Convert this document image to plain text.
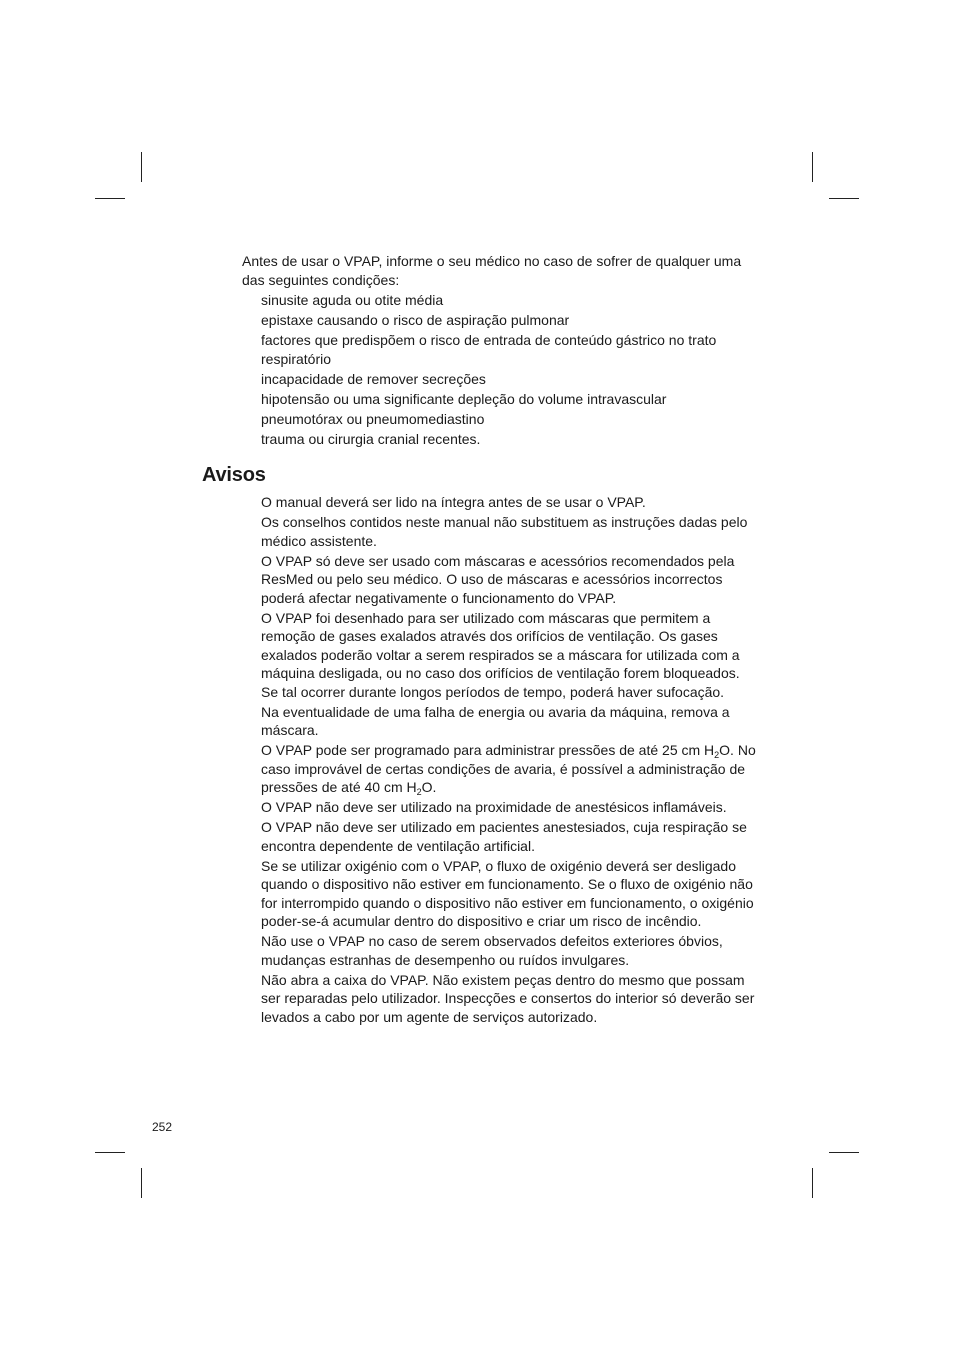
Antes de usar o VPAP, informe o seu médico no caso de sofrer de qualquer uma das seguintes condições:

sinusite aguda ou otite média
epistaxe causando o risco de aspiração pulmonar
factores que predispõem o risco de entrada de conteúdo gástrico no trato respiratório
incapacidade de remover secreções
hipotensão ou uma significante depleção do volume intravascular
pneumotórax ou pneumomediastino
trauma ou cirurgia cranial recentes.
Avisos
O manual deverá ser lido na íntegra antes de se usar o VPAP.
Os conselhos contidos neste manual não substituem as instruções dadas pelo médico assistente.
O VPAP só deve ser usado com máscaras e acessórios recomendados pela ResMed ou pelo seu médico. O uso de máscaras e acessórios incorrectos poderá afectar negativamente o funcionamento do VPAP.
O VPAP foi desenhado para ser utilizado com máscaras que permitem a remoção de gases exalados através dos orifícios de ventilação. Os gases exalados poderão voltar a serem respirados se a máscara for utilizada com a máquina desligada, ou no caso dos orifícios de ventilação forem bloqueados. Se tal ocorrer durante longos períodos de tempo, poderá haver sufocação.
Na eventualidade de uma falha de energia ou avaria da máquina, remova a máscara.
O VPAP pode ser programado para administrar pressões de até 25 cm $H_2O$. No caso improvável de certas condições de avaria, é possível a administração de pressões de até 40 cm $H_2O$.
O VPAP não deve ser utilizado na proximidade de anestésicos inflamáveis.
O VPAP não deve ser utilizado em pacientes anestesiados, cuja respiração se encontra dependente de ventilação artificial.
Se se utilizar oxigénio com o VPAP, o fluxo de oxigénio deverá ser desligado quando o dispositivo não estiver em funcionamento. Se o fluxo de oxigénio não for interrompido quando o dispositivo não estiver em funcionamento, o oxigénio poder-se-á acumular dentro do dispositivo e criar um risco de incêndio.
Não use o VPAP no caso de serem observados defeitos exteriores óbvios, mudanças estranhas de desempenho ou ruídos invulgares.
Não abra a caixa do VPAP. Não existem peças dentro do mesmo que possam ser reparadas pelo utilizador. Inspecções e consertos do interior só deverão ser levados a cabo por um agente de serviços autorizado.
252
